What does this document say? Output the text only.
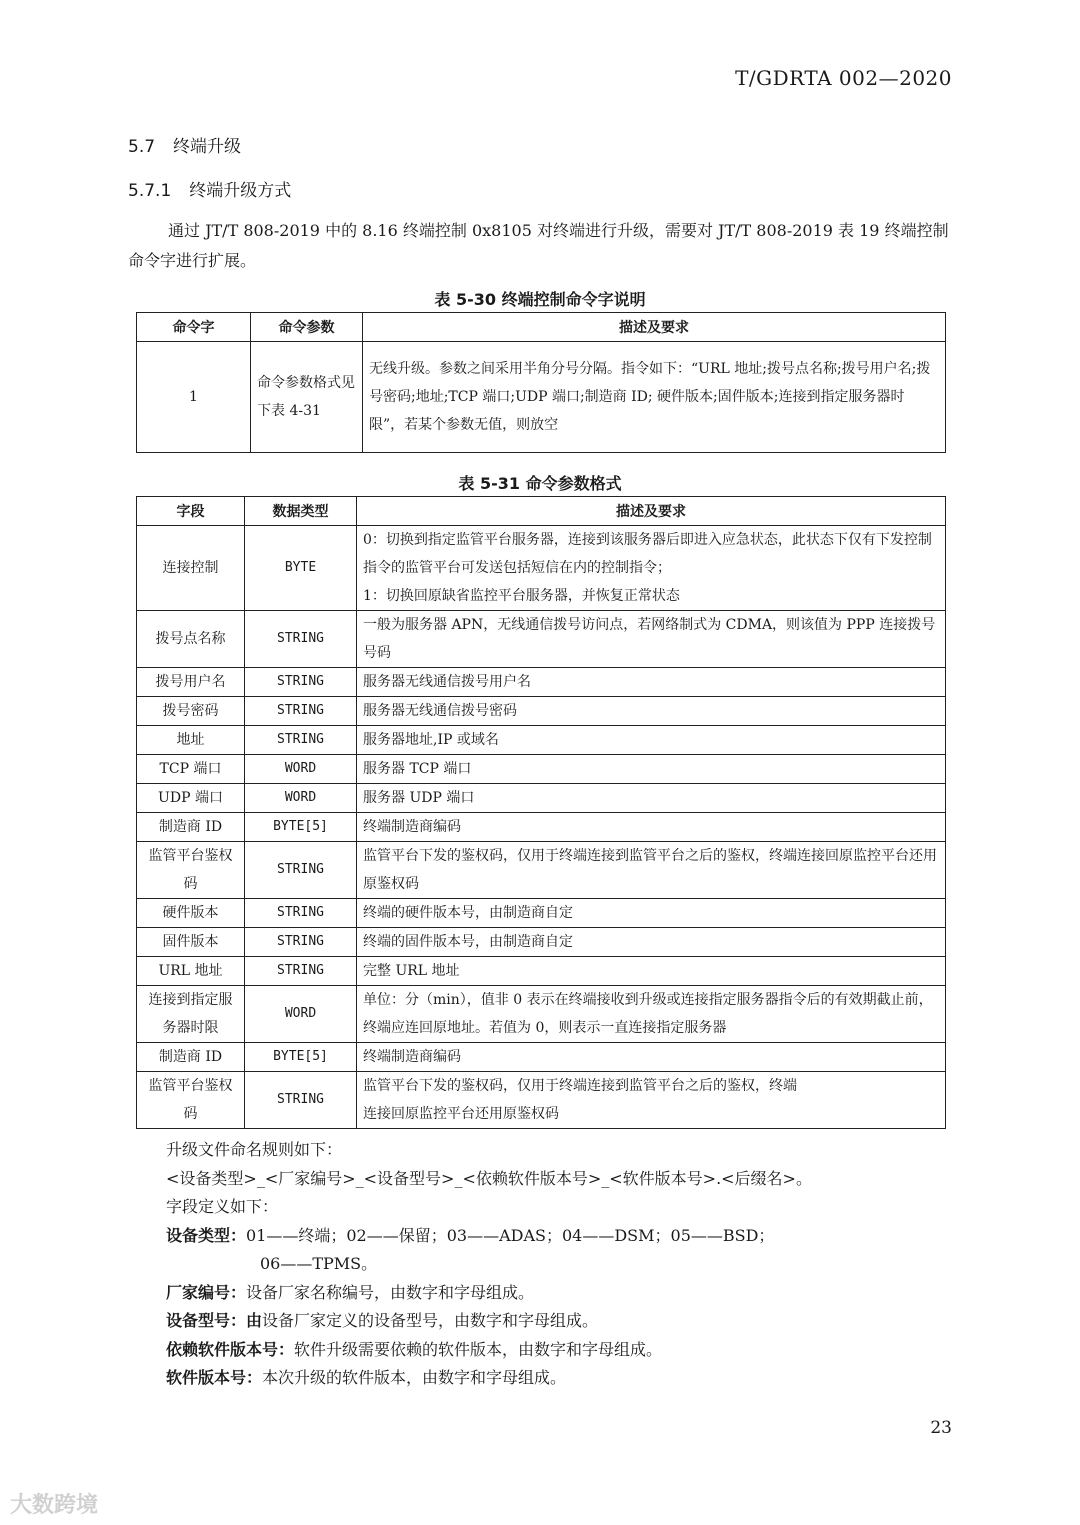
T/GDRTA 002—2020
5.7 终端升级
5.7.1 终端升级方式
通过 JT/T 808-2019 中的 8.16 终端控制 0x8105 对终端进行升级，需要对 JT/T 808-2019 表 19 终端控制命令字进行扩展。
表 5-30 终端控制命令字说明
命令字	命令参数	描述及要求
1	命令参数格式见下表 4-31	无线升级。参数之间采用半角分号分隔。指令如下：“URL 地址;拨号点名称;拨号用户名;拨号密码;地址;TCP 端口;UDP 端口;制造商 ID; 硬件版本;固件版本;连接到指定服务器时限”，若某个参数无值，则放空
表 5-31 命令参数格式
字段	数据类型	描述及要求
连接控制	BYTE	0：切换到指定监管平台服务器，连接到该服务器后即进入应急状态，此状态下仅有下发控制指令的监管平台可发送包括短信在内的控制指令；
1：切换回原缺省监控平台服务器，并恢复正常状态

拨号点名称	STRING	一般为服务器 APN，无线通信拨号访问点，若网络制式为 CDMA，则该值为 PPP 连接拨号号码
拨号用户名	STRING	服务器无线通信拨号用户名
拨号密码	STRING	服务器无线通信拨号密码
地址	STRING	服务器地址,IP 或域名
TCP 端口	WORD	服务器 TCP 端口
UDP 端口	WORD	服务器 UDP 端口
制造商 ID	BYTE[5]	终端制造商编码
监管平台鉴权码	STRING	监管平台下发的鉴权码，仅用于终端连接到监管平台之后的鉴权，终端连接回原监控平台还用原鉴权码
硬件版本	STRING	终端的硬件版本号，由制造商自定
固件版本	STRING	终端的固件版本号，由制造商自定
URL 地址	STRING	完整 URL 地址
连接到指定服务器时限	WORD	单位：分（min），值非 0 表示在终端接收到升级或连接指定服务器指令后的有效期截止前，终端应连回原地址。若值为 0，则表示一直连接指定服务器
制造商 ID	BYTE[5]	终端制造商编码
监管平台鉴权码	STRING	监管平台下发的鉴权码，仅用于终端连接到监管平台之后的鉴权，终端
连接回原监控平台还用原鉴权码
升级文件命名规则如下：
<设备类型>_<厂家编号>_<设备型号>_<依赖软件版本号>_<软件版本号>.<后缀名>。
字段定义如下：
设备类型：01——终端；02——保留；03——ADAS；04——DSM；05——BSD；
06——TPMS。
厂家编号：设备厂家名称编号，由数字和字母组成。
设备型号：由设备厂家定义的设备型号，由数字和字母组成。
依赖软件版本号：软件升级需要依赖的软件版本，由数字和字母组成。
软件版本号：本次升级的软件版本，由数字和字母组成。
23
大数跨境
